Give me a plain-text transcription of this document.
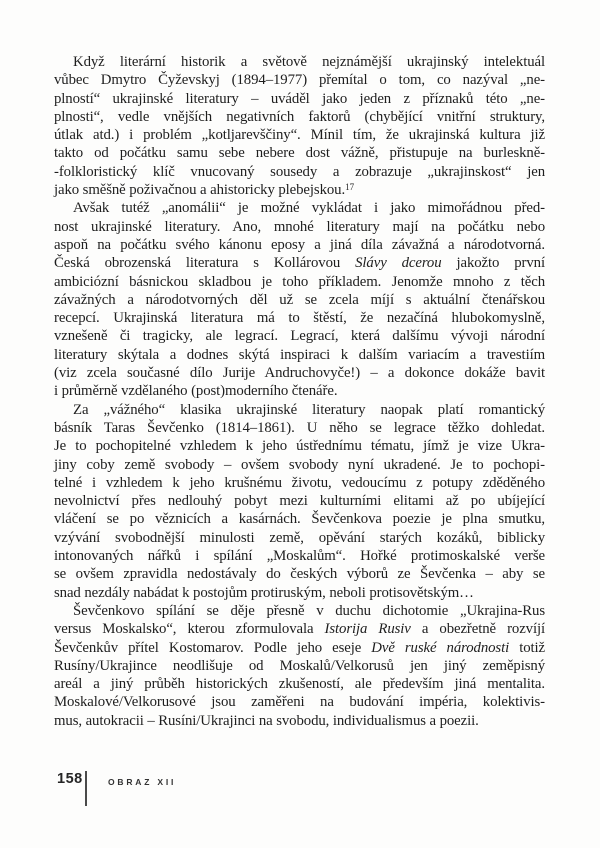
Když literární historik a světově nejznámější ukrajinský intelektuál
vůbec Dmytro Čyževskyj (1894–1977) přemítal o tom, co nazýval „ne-
plností“ ukrajinské literatury – uváděl jako jeden z příznaků této „ne-
plnosti“, vedle vnějších negativních faktorů (chybějící vnitřní struktury,
útlak atd.) i problém „kotljarevščiny“. Mínil tím, že ukrajinská kultura již
takto od počátku samu sebe nebere dost vážně, přistupuje na burleskně-
-folkloristický klíč vnucovaný sousedy a zobrazuje „ukrajinskost“ jen
jako směšně poživačnou a ahistoricky plebejskou.$^{17}$
Avšak tutéž „anomálii“ je možné vykládat i jako mimořádnou před-
nost ukrajinské literatury. Ano, mnohé literatury mají na počátku nebo
aspoň na počátku svého kánonu eposy a jiná díla závažná a národotvorná.
Česká obrozenská literatura s Kollárovou Slávy dcerou jakožto první
ambiciózní básnickou skladbou je toho příkladem. Jenomže mnoho z těch
závažných a národotvorných děl už se zcela míjí s aktuální čtenářskou
recepcí. Ukrajinská literatura má to štěstí, že nezačíná hlubokomyslně,
vznešeně či tragicky, ale legrací. Legrací, která dalšímu vývoji národní
literatury skýtala a dodnes skýtá inspiraci k dalším variacím a travestiím
(viz zcela současné dílo Jurije Andruchovyče!) – a dokonce dokáže bavit
i průměrně vzdělaného (post)moderního čtenáře.
Za „vážného“ klasika ukrajinské literatury naopak platí romantický
básník Taras Ševčenko (1814–1861). U něho se legrace těžko dohledat.
Je to pochopitelné vzhledem k jeho ústřednímu tématu, jímž je vize Ukra-
jiny coby země svobody – ovšem svobody nyní ukradené. Je to pochopi-
telné i vzhledem k jeho krušnému životu, vedoucímu z potupy zděděného
nevolnictví přes nedlouhý pobyt mezi kulturními elitami až po ubíjející
vláčení se po věznicích a kasárnách. Ševčenkova poezie je plna smutku,
vzývání svobodnější minulosti země, opěvání starých kozáků, biblicky
intonovaných nářků i spílání „Moskalům“. Hořké protimoskalské verše
se ovšem zpravidla nedostávaly do českých výborů ze Ševčenka – aby se
snad nezdály nabádat k postojům protiruským, neboli protisovětským…
Ševčenkovo spílání se děje přesně v duchu dichotomie „Ukrajina-Rus
versus Moskalsko“, kterou zformulovala Istorija Rusiv a obezřetně rozvíjí
Ševčenkův přítel Kostomarov. Podle jeho eseje Dvě ruské národnosti totiž
Rusíny/Ukrajince neodlišuje od Moskalů/Velkorusů jen jiný zeměpisný
areál a jiný průběh historických zkušeností, ale především jiná mentalita.
Moskalové/Velkorusové jsou zaměřeni na budování impéria, kolektivis-
mus, autokracii – Rusíni/Ukrajinci na svobodu, individualismus a poezii.
158	OBRAZ XII
